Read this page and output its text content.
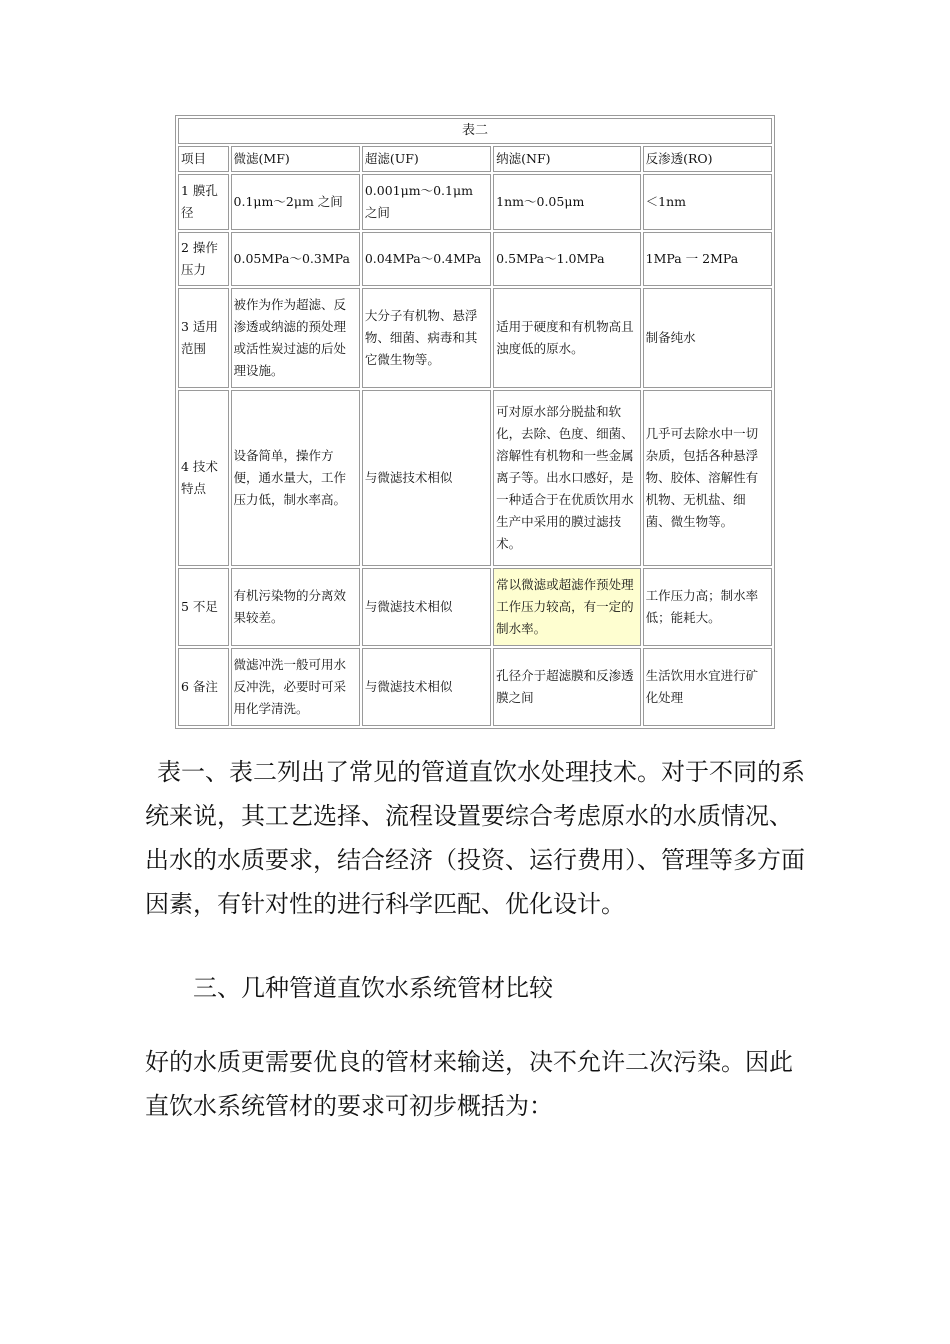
表二				
项目	微滤(MF)	超滤(UF)	纳滤(NF)	反渗透(RO)
1 膜孔径	0.1μm～2μm 之间	0.001μm～0.1μm 之间	1nm～0.05μm	＜1nm
2 操作压力	0.05MPa～0.3MPa	0.04MPa～0.4MPa	0.5MPa～1.0MPa	1MPa 一 2MPa
3 适用范围	被作为作为超滤、反渗透或纳滤的预处理或活性炭过滤的后处理设施。	大分子有机物、悬浮物、细菌、病毒和其它微生物等。	适用于硬度和有机物高且浊度低的原水。	制备纯水
4 技术特点	设备简单，操作方便，通水量大，工作压力低，制水率高。	与微滤技术相似	可对原水部分脱盐和软化，去除、色度、细菌、溶解性有机物和一些金属离子等。出水口感好，是一种适合于在优质饮用水生产中采用的膜过滤技术。	几乎可去除水中一切杂质，包括各种悬浮物、胶体、溶解性有机物、无机盐、细菌、微生物等。
5 不足	有机污染物的分离效果较差。	与微滤技术相似	常以微滤或超滤作预处理工作压力较高，有一定的制水率。	工作压力高；制水率低；能耗大。
6 备注	微滤冲洗一般可用水反冲洗，必要时可采用化学清洗。	与微滤技术相似	孔径介于超滤膜和反渗透膜之间	生活饮用水宜进行矿化处理

表一、表二列出了常见的管道直饮水处理技术。对于不同的系统来说，其工艺选择、流程设置要综合考虑原水的水质情况、出水的水质要求，结合经济（投资、运行费用）、管理等多方面因素，有针对性的进行科学匹配、优化设计。

三、几种管道直饮水系统管材比较

好的水质更需要优良的管材来输送，决不允许二次污染。因此直饮水系统管材的要求可初步概括为：
